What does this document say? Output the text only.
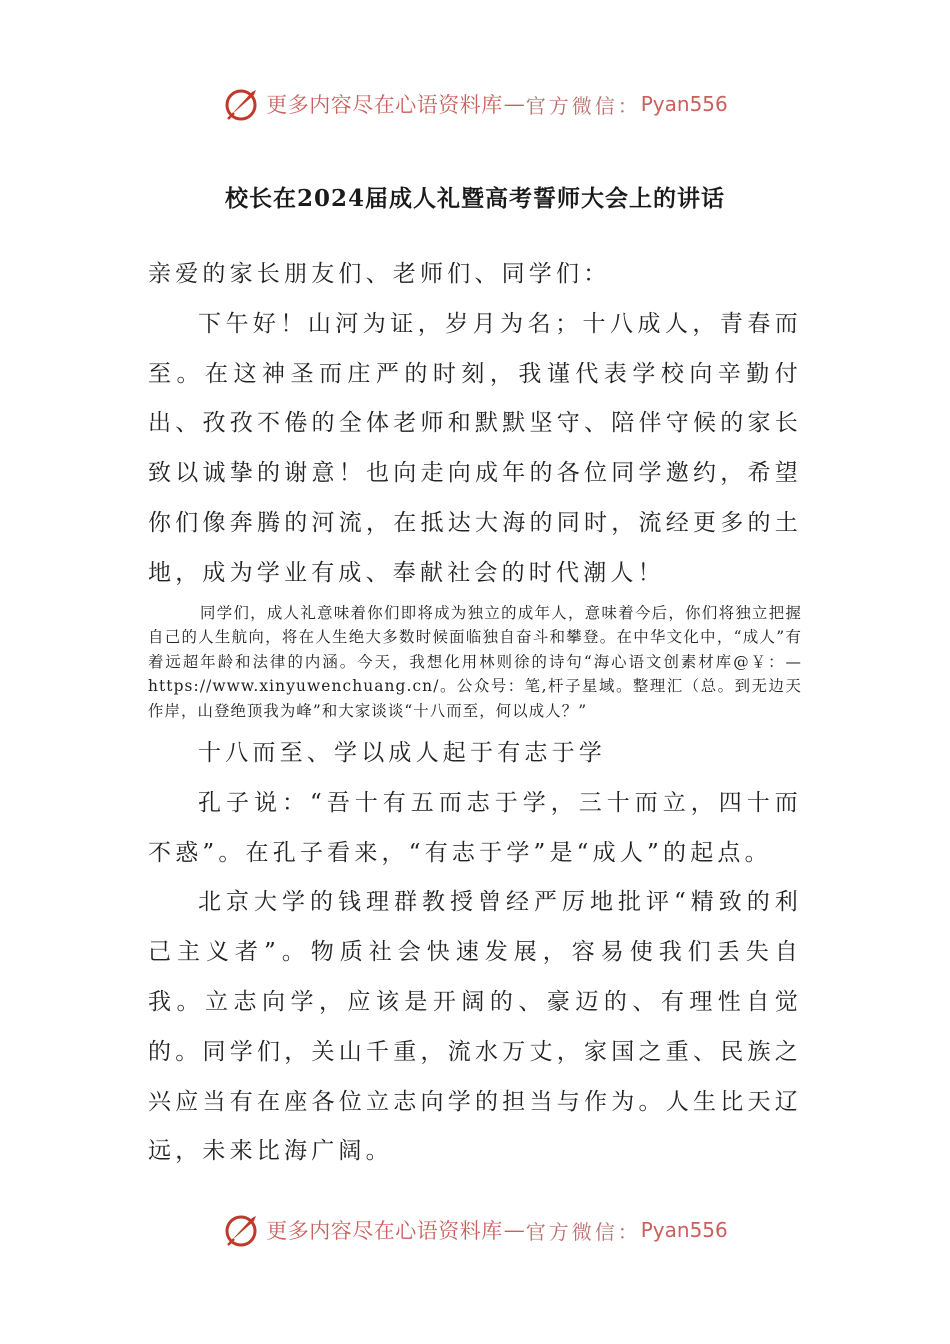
更多内容尽在心语资料库 — 官方微信： Pyan556
校长在2024届成人礼暨高考誓师大会上的讲话

亲爱的家长朋友们、老师们、同学们：

下午好！山河为证，岁月为名；十八成人，青春而至。在这神圣而庄严的时刻，我谨代表学校向辛勤付出、孜孜不倦的全体老师和默默坚守、陪伴守候的家长致以诚挚的谢意！也向走向成年的各位同学邀约，希望你们像奔腾的河流，在抵达大海的同时，流经更多的土地，成为学业有成、奉献社会的时代潮人！

同学们，成人礼意味着你们即将成为独立的成年人，意味着今后，你们将独立把握自己的人生航向，将在人生绝大多数时候面临独自奋斗和攀登。在中华文化中，“成人”有着远超年龄和法律的内涵。今天，我想化用林则徐的诗句“海心语文创素材库@￥：—https://www.xinyuwenchuang.cn/。公众号：笔,杆子星域。整理汇（总。到无边天作岸，山登绝顶我为峰”和大家谈谈“十八而至，何以成人？”

十八而至、学以成人起于有志于学

孔子说：“吾十有五而志于学，三十而立，四十而不惑”。在孔子看来，“有志于学”是“成人”的起点。

北京大学的钱理群教授曾经严厉地批评“精致的利己主义者”。物质社会快速发展，容易使我们丢失自我。立志向学，应该是开阔的、豪迈的、有理性自觉的。同学们，关山千重，流水万丈，家国之重、民族之兴应当有在座各位立志向学的担当与作为。人生比天辽远，未来比海广阔。

更多内容尽在心语资料库 — 官方微信： Pyan556
